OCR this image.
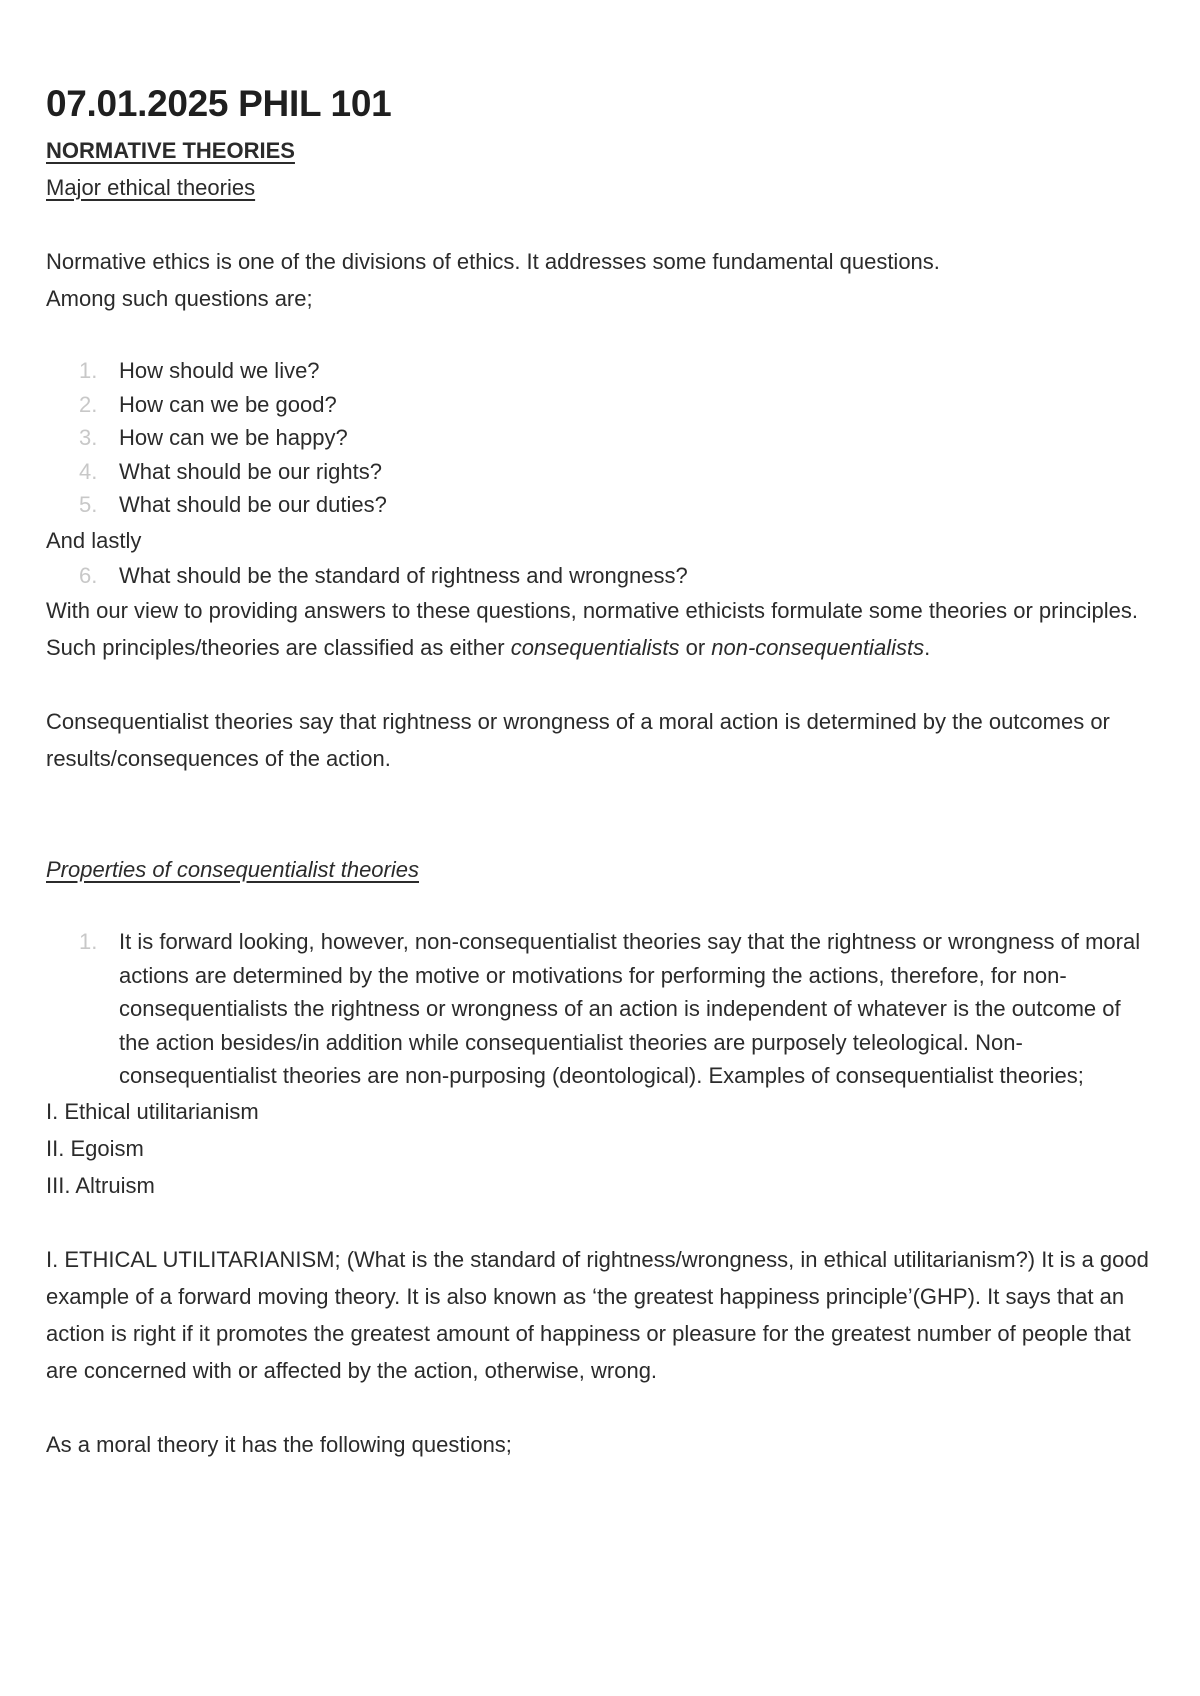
07.01.2025 PHIL 101
NORMATIVE THEORIES
Major ethical theories

Normative ethics is one of the divisions of ethics. It addresses some fundamental questions.

Among such questions are;

1. How should we live?
2. How can we be good?
3. How can we be happy?
4. What should be our rights?
5. What should be our duties?

And lastly

6. What should be the standard of rightness and wrongness?

With our view to providing answers to these questions, normative ethicists formulate some theories or principles. Such principles/theories are classified as either consequentialists or non-consequentialists.

Consequentialist theories say that rightness or wrongness of a moral action is determined by the outcomes or results/consequences of the action.

Properties of consequentialist theories
1. It is forward looking, however, non-consequentialist theories say that the rightness or wrongness of moral actions are determined by the motive or motivations for performing the actions, therefore, for non-consequentialists the rightness or wrongness of an action is independent of whatever is the outcome of the action besides/in addition while consequentialist theories are purposely teleological. Non-consequentialist theories are non-purposing (deontological). Examples of consequentialist theories;

I. Ethical utilitarianism

II. Egoism

III. Altruism

I. ETHICAL UTILITARIANISM; (What is the standard of rightness/wrongness, in ethical utilitarianism?) It is a good example of a forward moving theory. It is also known as ‘the greatest happiness principle’(GHP). It says that an action is right if it promotes the greatest amount of happiness or pleasure for the greatest number of people that are concerned with or affected by the action, otherwise, wrong.

As a moral theory it has the following questions;
